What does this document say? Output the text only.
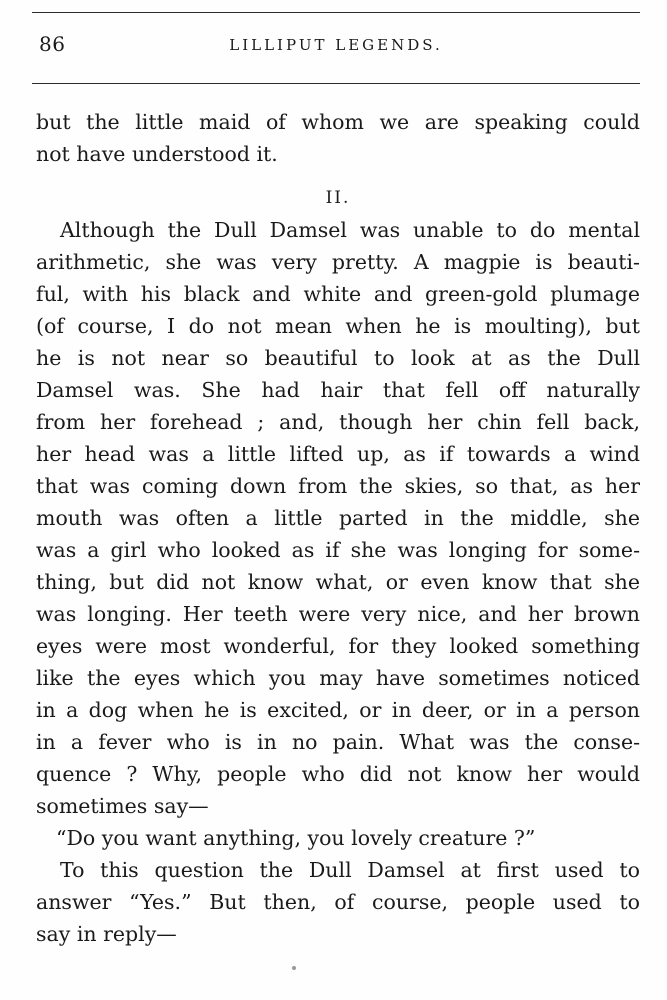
86	LILLIPUT LEGENDS.
but the little maid of whom we are speaking could
not have understood it.
II.
Although the Dull Damsel was unable to do mental
arithmetic, she was very pretty. A magpie is beauti-
ful, with his black and white and green-gold plumage
(of course, I do not mean when he is moulting), but
he is not near so beautiful to look at as the Dull
Damsel was. She had hair that fell off naturally
from her forehead ; and, though her chin fell back,
her head was a little lifted up, as if towards a wind
that was coming down from the skies, so that, as her
mouth was often a little parted in the middle, she
was a girl who looked as if she was longing for some-
thing, but did not know what, or even know that she
was longing. Her teeth were very nice, and her brown
eyes were most wonderful, for they looked something
like the eyes which you may have sometimes noticed
in a dog when he is excited, or in deer, or in a person
in a fever who is in no pain. What was the conse-
quence ? Why, people who did not know her would
sometimes say—
“Do you want anything, you lovely creature ?”
To this question the Dull Damsel at first used to
answer “Yes.” But then, of course, people used to
say in reply—
